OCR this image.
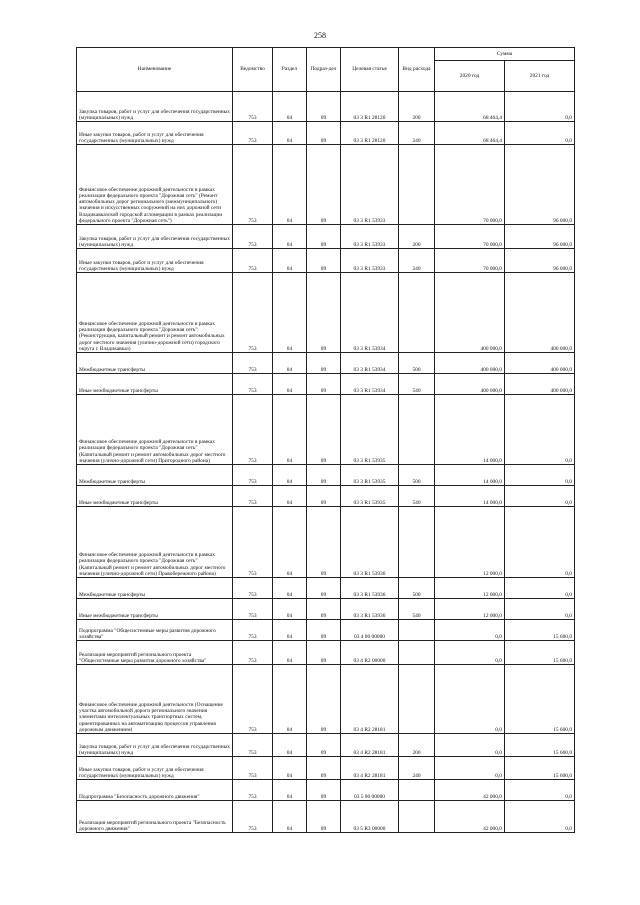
258
Наименование	Ведомство	Раздел	Подраз-дел	Целевая статья	Вид расхода	Сумма	
						2020 год	2021 год
Закупка товаров, работ и услуг для обеспечения государственных (муниципальных) нужд	753	04	09	03 3 R1 28120	200	68 464,4	0,0
Иные закупки товаров, работ и услуг для обеспечения государственных (муниципальных) нужд	753	04	09	03 3 R1 28120	240	68 464,4	0,0
Финансовое обеспечение дорожной деятельности в рамках реализации федерального проекта "Дорожная сеть" (Ремонт автомобильных дорог регионального (межмуниципального) значения и искусственных сооружений на них дорожной сети Владикавказской городской агломерации в рамках реализации федерального проекта "Дорожная сеть")	753	04	09	03 3 R1 53933		70 000,0	96 000,0
Закупка товаров, работ и услуг для обеспечения государственных (муниципальных) нужд	753	04	09	03 3 R1 53933	200	70 000,0	96 000,0
Иные закупки товаров, работ и услуг для обеспечения государственных (муниципальных) нужд	753	04	09	03 3 R1 53933	240	70 000,0	96 000,0
Финансовое обеспечение дорожной деятельности в рамках реализации федерального проекта "Дорожная сеть" (Реконструкция, капитальный ремонт и ремонт автомобильных дорог местного значения (улично-дорожной сети) городского округа г. Владикавказ)	753	04	09	03 3 R1 53934		400 000,0	400 000,0
Межбюджетные трансферты	753	04	09	03 3 R1 53934	500	400 000,0	400 000,0
Иные межбюджетные трансферты	753	04	09	03 3 R1 53934	540	400 000,0	400 000,0
Финансовое обеспечение дорожной деятельности в рамках реализации федерального проекта "Дорожная сеть" (Капитальный ремонт и ремонт автомобильных дорог местного значения (улично-дорожной сети) Пригородного района)	753	04	09	03 3 R1 53935		14 000,0	0,0
Межбюджетные трансферты	753	04	09	03 3 R1 53935	500	14 000,0	0,0
Иные межбюджетные трансферты	753	04	09	03 3 R1 53935	540	14 000,0	0,0
Финансовое обеспечение дорожной деятельности в рамках реализации федерального проекта "Дорожная сеть" (Капитальный ремонт и ремонт автомобильных дорог местного значения (улично-дорожной сети) Правобережного района)	753	04	09	03 3 R1 53936		12 000,0	0,0
Межбюджетные трансферты	753	04	09	03 3 R1 53936	500	12 000,0	0,0
Иные межбюджетные трансферты	753	04	09	03 3 R1 53936	540	12 000,0	0,0
Подпрограмма "Общесистемные меры развития дорожного хозяйства"	753	04	09	03 4 00 00000		0,0	15 600,0
Реализация мероприятий регионального проекта "Общесистемные меры развития дорожного хозяйства"	753	04	09	03 4 R2 00000		0,0	15 600,0
Финансовое обеспечение дорожной деятельности (Оснащение участка автомобильной дороги регионального значения элементами интеллектуальных транспортных систем, ориентированных на автоматизацию процессов управления дорожным движением)	753	04	09	03 4 R2 28181		0,0	15 600,0
Закупка товаров, работ и услуг для обеспечения государственных (муниципальных) нужд	753	04	09	03 4 R2 28181	200	0,0	15 600,0
Иные закупки товаров, работ и услуг для обеспечения государственных (муниципальных) нужд	753	04	09	03 4 R2 28181	240	0,0	15 600,0
Подпрограмма "Безопасность дорожного движения"	753	04	09	03 5 00 00000		42 000,0	0,0
Реализация мероприятий регионального проекта "Безопасность дорожного движения"	753	04	09	03 5 R3 00000		42 000,0	0,0
